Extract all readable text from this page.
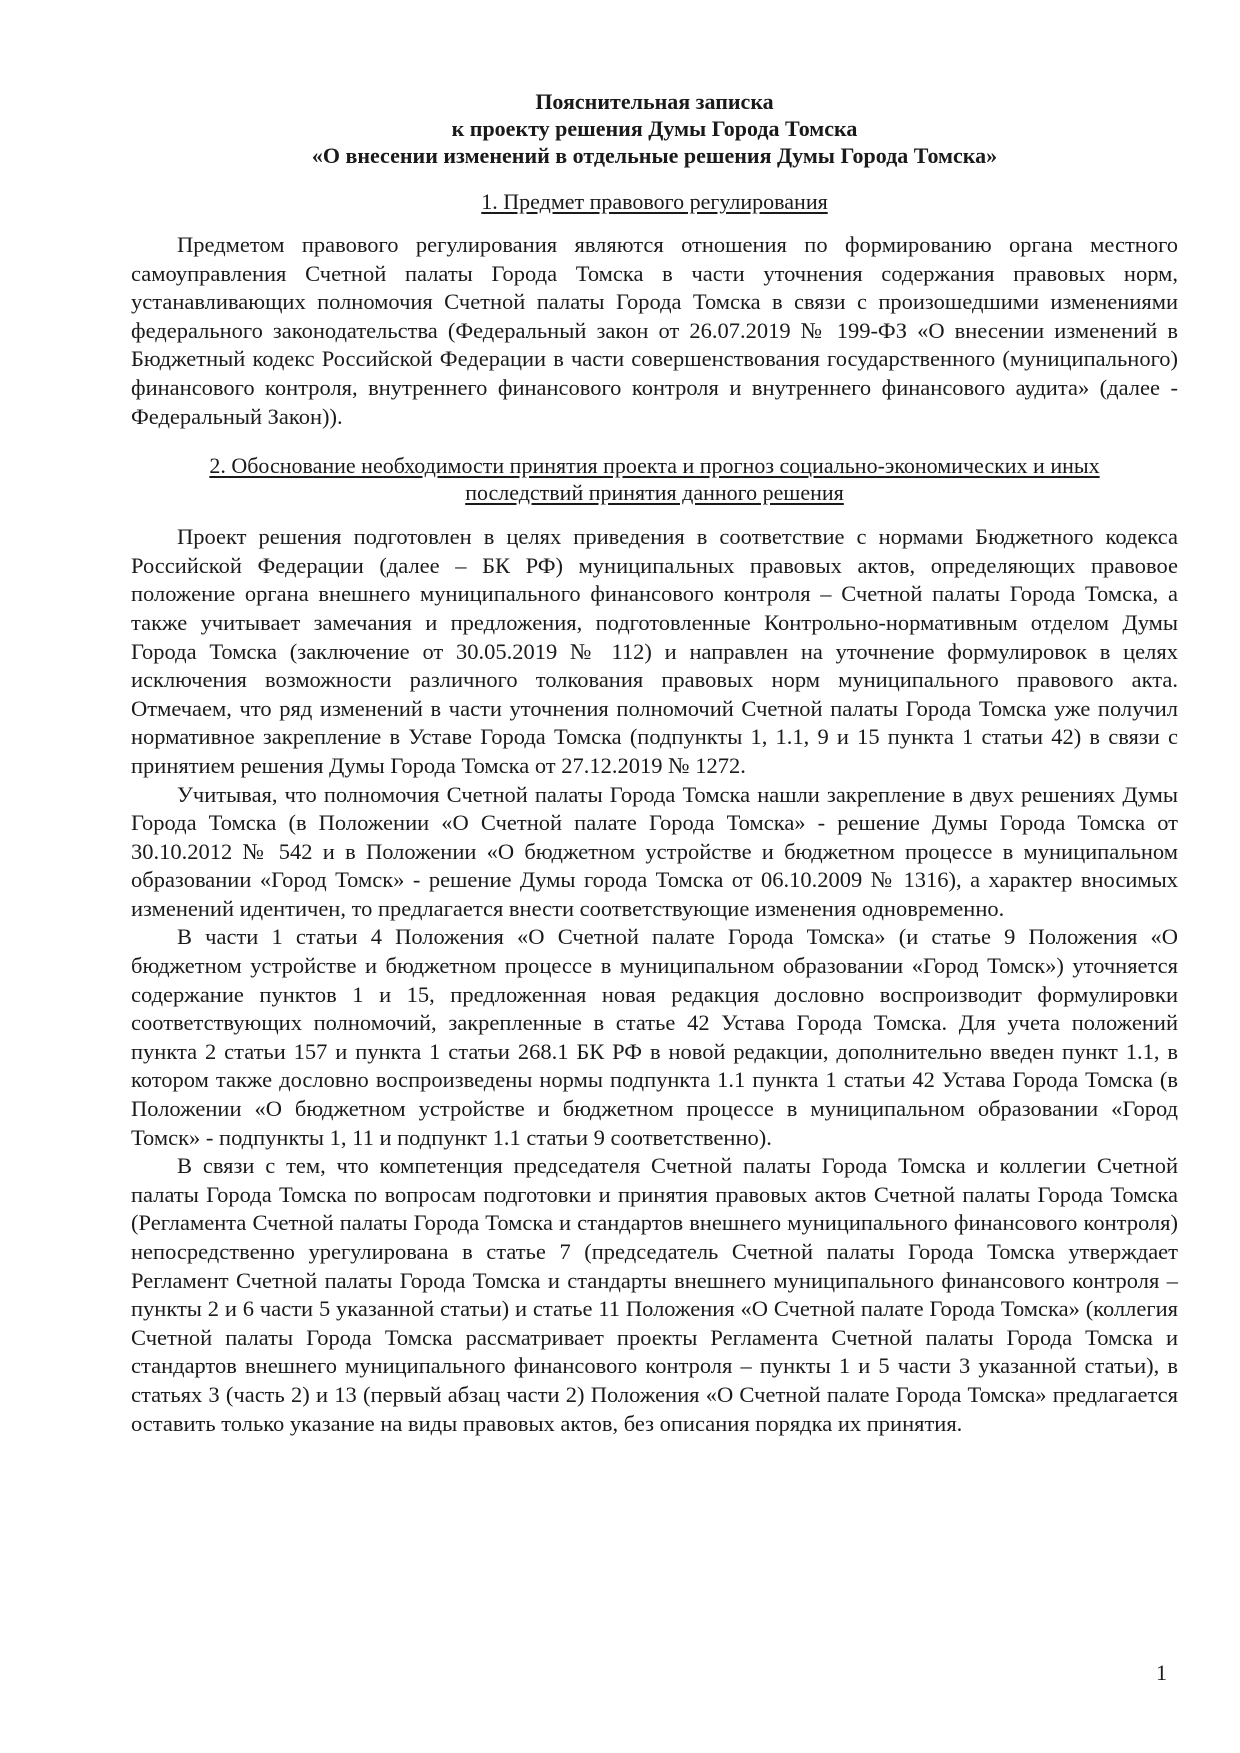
Пояснительная записка
к проекту решения Думы Города Томска
«О внесении изменений в отдельные решения Думы Города Томска»
1. Предмет правового регулирования

Предметом правового регулирования являются отношения по формированию органа местного самоуправления Счетной палаты Города Томска в части уточнения содержания правовых норм, устанавливающих полномочия Счетной палаты Города Томска в связи с произошедшими изменениями федерального законодательства (Федеральный закон от 26.07.2019 № 199-ФЗ «О внесении изменений в Бюджетный кодекс Российской Федерации в части совершенствования государственного (муниципального) финансового контроля, внутреннего финансового контроля и внутреннего финансового аудита» (далее - Федеральный Закон)).

2. Обоснование необходимости принятия проекта и прогноз социально-экономических и иных
последствий принятия данного решения

Проект решения подготовлен в целях приведения в соответствие с нормами Бюджетного кодекса Российской Федерации (далее – БК РФ) муниципальных правовых актов, определяющих правовое положение органа внешнего муниципального финансового контроля – Счетной палаты Города Томска, а также учитывает замечания и предложения, подготовленные Контрольно-нормативным отделом Думы Города Томска (заключение от 30.05.2019 № 112) и направлен на уточнение формулировок в целях исключения возможности различного толкования правовых норм муниципального правового акта. Отмечаем, что ряд изменений в части уточнения полномочий Счетной палаты Города Томска уже получил нормативное закрепление в Уставе Города Томска (подпункты 1, 1.1, 9 и 15 пункта 1 статьи 42) в связи с принятием решения Думы Города Томска от 27.12.2019 № 1272.

Учитывая, что полномочия Счетной палаты Города Томска нашли закрепление в двух решениях Думы Города Томска (в Положении «О Счетной палате Города Томска» - решение Думы Города Томска от 30.10.2012 № 542 и в Положении «О бюджетном устройстве и бюджетном процессе в муниципальном образовании «Город Томск» - решение Думы города Томска от 06.10.2009 № 1316), а характер вносимых изменений идентичен, то предлагается внести соответствующие изменения одновременно.

В части 1 статьи 4 Положения «О Счетной палате Города Томска» (и статье 9 Положения «О бюджетном устройстве и бюджетном процессе в муниципальном образовании «Город Томск») уточняется содержание пунктов 1 и 15, предложенная новая редакция дословно воспроизводит формулировки соответствующих полномочий, закрепленные в статье 42 Устава Города Томска. Для учета положений пункта 2 статьи 157 и пункта 1 статьи 268.1 БК РФ в новой редакции, дополнительно введен пункт 1.1, в котором также дословно воспроизведены нормы подпункта 1.1 пункта 1 статьи 42 Устава Города Томска (в Положении «О бюджетном устройстве и бюджетном процессе в муниципальном образовании «Город Томск» - подпункты 1, 11 и подпункт 1.1 статьи 9 соответственно).

В связи с тем, что компетенция председателя Счетной палаты Города Томска и коллегии Счетной палаты Города Томска по вопросам подготовки и принятия правовых актов Счетной палаты Города Томска (Регламента Счетной палаты Города Томска и стандартов внешнего муниципального финансового контроля) непосредственно урегулирована в статье 7 (председатель Счетной палаты Города Томска утверждает Регламент Счетной палаты Города Томска и стандарты внешнего муниципального финансового контроля – пункты 2 и 6 части 5 указанной статьи) и статье 11 Положения «О Счетной палате Города Томска» (коллегия Счетной палаты Города Томска рассматривает проекты Регламента Счетной палаты Города Томска и стандартов внешнего муниципального финансового контроля – пункты 1 и 5 части 3 указанной статьи), в статьях 3 (часть 2) и 13 (первый абзац части 2) Положения «О Счетной палате Города Томска» предлагается оставить только указание на виды правовых актов, без описания порядка их принятия.

1
